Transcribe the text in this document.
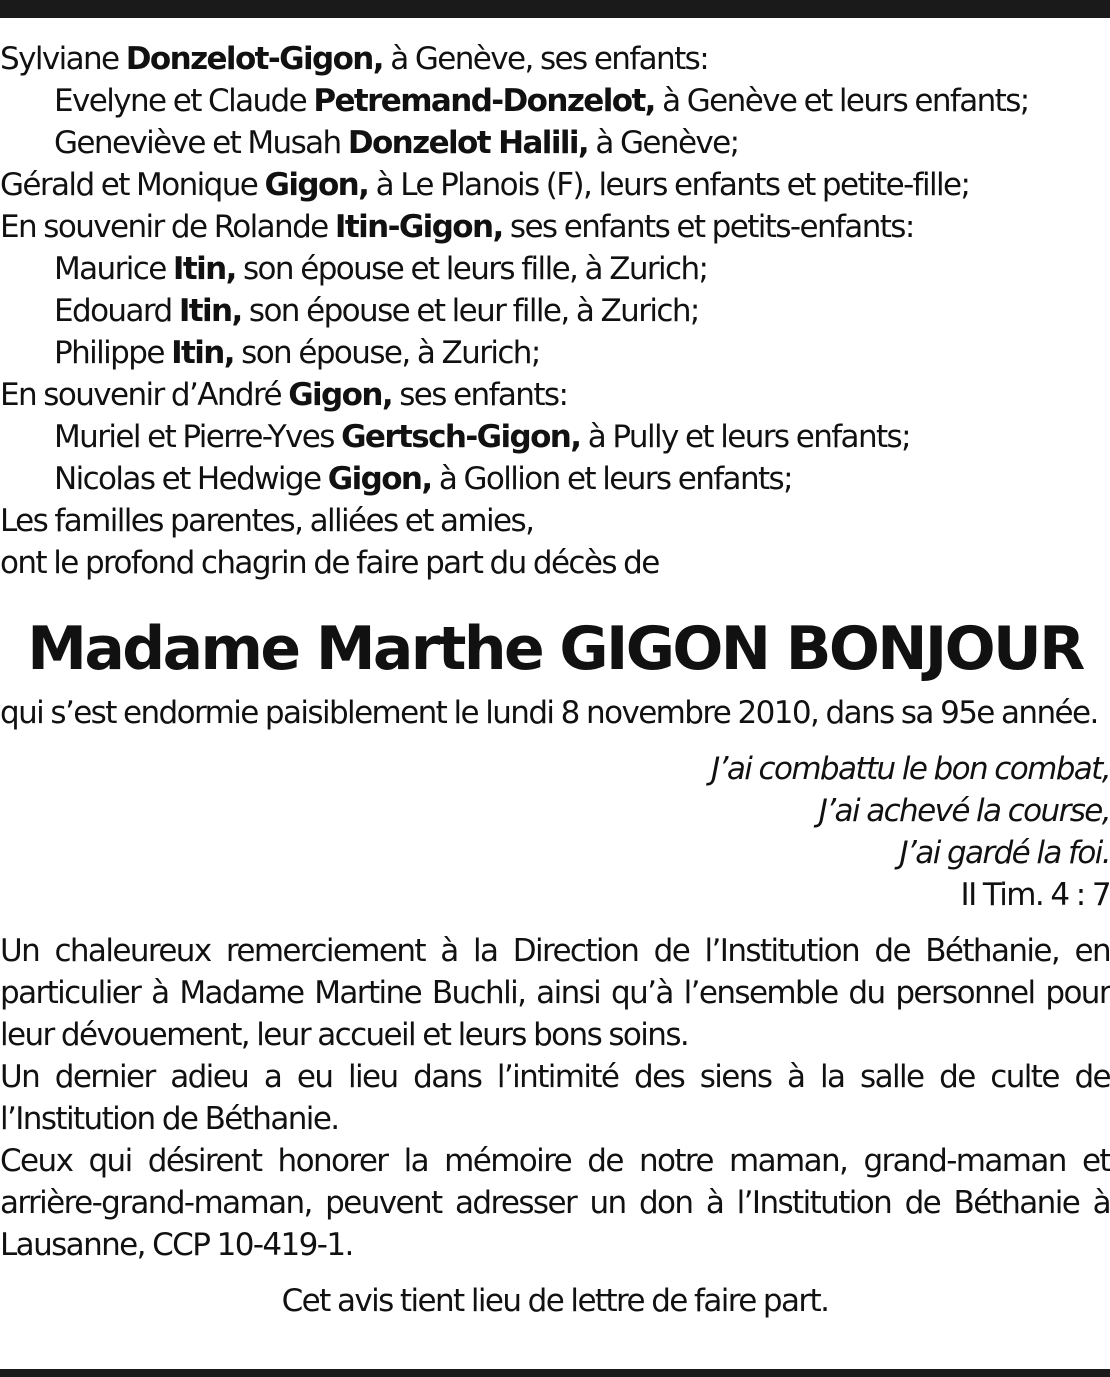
Sylviane Donzelot-Gigon, à Genève, ses enfants:
Evelyne et Claude Petremand-Donzelot, à Genève et leurs enfants;
Geneviève et Musah Donzelot Halili, à Genève;
Gérald et Monique Gigon, à Le Planois (F), leurs enfants et petite-fille;
En souvenir de Rolande Itin-Gigon, ses enfants et petits-enfants:
Maurice Itin, son épouse et leurs fille, à Zurich;
Edouard Itin, son épouse et leur fille, à Zurich;
Philippe Itin, son épouse, à Zurich;
En souvenir d’André Gigon, ses enfants:
Muriel et Pierre-Yves Gertsch-Gigon, à Pully et leurs enfants;
Nicolas et Hedwige Gigon, à Gollion et leurs enfants;
Les familles parentes, alliées et amies,
ont le profond chagrin de faire part du décès de
Madame Marthe GIGON BONJOUR
qui s’est endormie paisiblement le lundi 8 novembre 2010, dans sa 95e année.
J’ai combattu le bon combat,
J’ai achevé la course,
J’ai gardé la foi.
II Tim. 4 : 7
Un chaleureux remerciement à la Direction de l’Institution de Béthanie, en particulier à Madame Martine Buchli, ainsi qu’à l’ensemble du personnel pour leur dévouement, leur accueil et leurs bons soins.
Un dernier adieu a eu lieu dans l’intimité des siens à la salle de culte de l’Institution de Béthanie.
Ceux qui désirent honorer la mémoire de notre maman, grand-maman et arrière-grand-maman, peuvent adresser un don à l’Institution de Béthanie à Lausanne, CCP 10-419-1.
Cet avis tient lieu de lettre de faire part.
